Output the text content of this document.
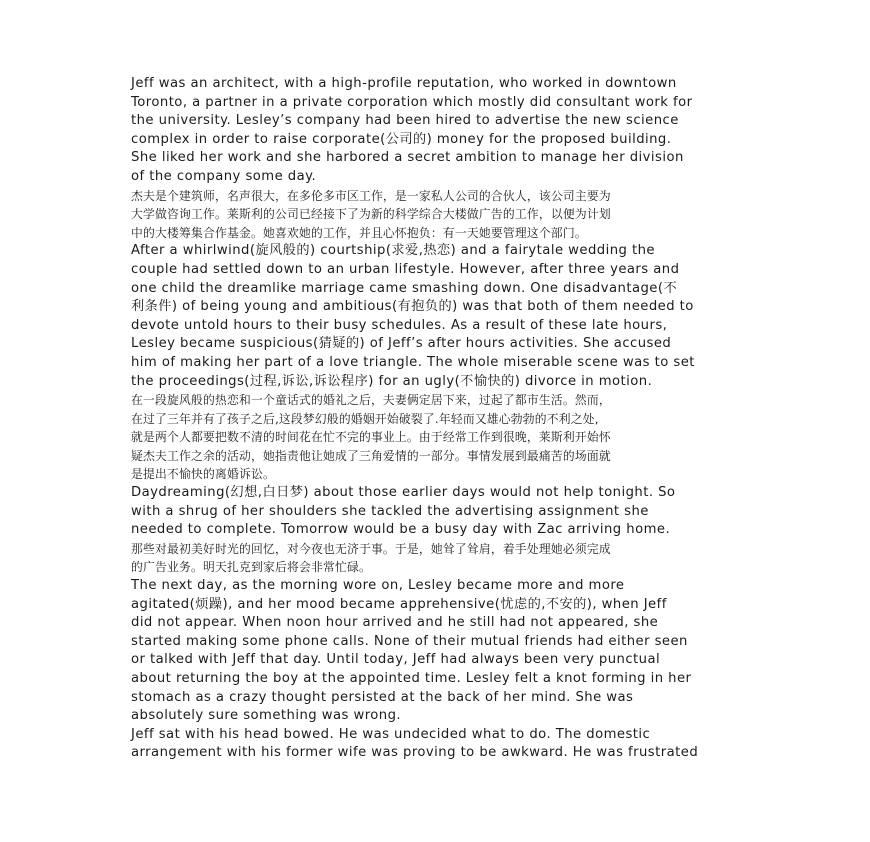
Jeff was an architect, with a high-profile reputation, who worked in downtown
Toronto, a partner in a private corporation which mostly did consultant work for
the university. Lesley’s company had been hired to advertise the new science
complex in order to raise corporate(公司的) money for the proposed building.
She liked her work and she harbored a secret ambition to manage her division
of the company some day.
杰夫是个建筑师，名声很大，在多伦多市区工作，是一家私人公司的合伙人，该公司主要为
大学做咨询工作。莱斯利的公司已经接下了为新的科学综合大楼做广告的工作，以便为计划
中的大楼筹集合作基金。她喜欢她的工作，并且心怀抱负：有一天她要管理这个部门。
After a whirlwind(旋风般的) courtship(求爱,热恋) and a fairytale wedding the
couple had settled down to an urban lifestyle. However, after three years and
one child the dreamlike marriage came smashing down. One disadvantage(不
利条件) of being young and ambitious(有抱负的) was that both of them needed to
devote untold hours to their busy schedules. As a result of these late hours,
Lesley became suspicious(猜疑的) of Jeff’s after hours activities. She accused
him of making her part of a love triangle. The whole miserable scene was to set
the proceedings(过程,诉讼,诉讼程序) for an ugly(不愉快的) divorce in motion.
在一段旋风般的热恋和一个童话式的婚礼之后，夫妻俩定居下来，过起了都市生活。然而，
在过了三年并有了孩子之后,这段梦幻般的婚姻开始破裂了.年轻而又雄心勃勃的不利之处,
就是两个人都要把数不清的时间花在忙不完的事业上。由于经常工作到很晚，莱斯利开始怀
疑杰夫工作之余的活动，她指责他让她成了三角爱情的一部分。事情发展到最痛苦的场面就
是提出不愉快的离婚诉讼。
Daydreaming(幻想,白日梦) about those earlier days would not help tonight. So
with a shrug of her shoulders she tackled the advertising assignment she
needed to complete. Tomorrow would be a busy day with Zac arriving home.
那些对最初美好时光的回忆，对今夜也无济于事。于是，她耸了耸肩，着手处理她必须完成
的广告业务。明天扎克到家后将会非常忙碌。
The next day, as the morning wore on, Lesley became more and more
agitated(烦躁), and her mood became apprehensive(忧虑的,不安的), when Jeff
did not appear. When noon hour arrived and he still had not appeared, she
started making some phone calls. None of their mutual friends had either seen
or talked with Jeff that day. Until today, Jeff had always been very punctual
about returning the boy at the appointed time. Lesley felt a knot forming in her
stomach as a crazy thought persisted at the back of her mind. She was
absolutely sure something was wrong.
Jeff sat with his head bowed. He was undecided what to do. The domestic
arrangement with his former wife was proving to be awkward. He was frustrated
